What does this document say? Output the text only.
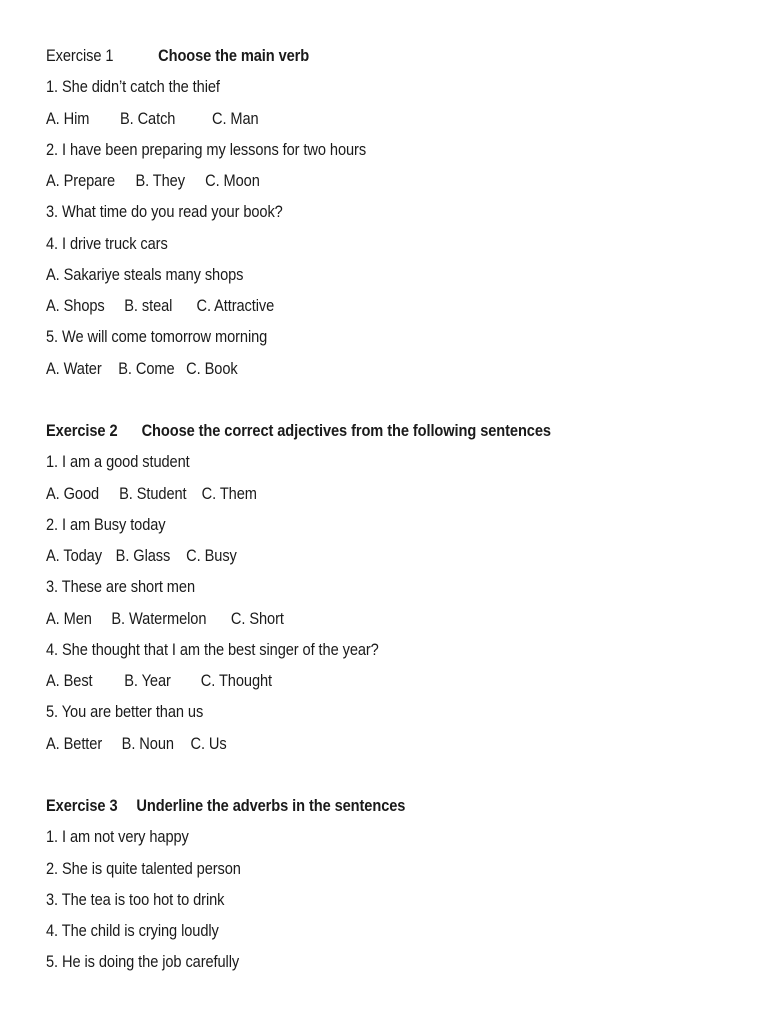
Exercise 1	Choose the main verb
1. She didn’t catch the thief
A. Him B. Catch C. Man
2. I have been preparing my lessons for two hours
A. Prepare B. They C. Moon
3. What time do you read your book?
4. I drive truck cars
A. Sakariye steals many shops
A. Shops B. steal C. Attractive
5. We will come tomorrow morning
A. Water B. Come C. Book
Exercise 2 Choose the correct adjectives from the following sentences
1. I am a good student
A. Good B. Student C. Them
2. I am Busy today
A. Today B. Glass C. Busy
3. These are short men
A. Men B. Watermelon C. Short
4. She thought that I am the best singer of the year?
A. Best B. Year C. Thought
5. You are better than us
A. Better B. Noun C. Us
Exercise 3 Underline the adverbs in the sentences
1. I am not very happy
2. She is quite talented person
3. The tea is too hot to drink
4. The child is crying loudly
5. He is doing the job carefully
